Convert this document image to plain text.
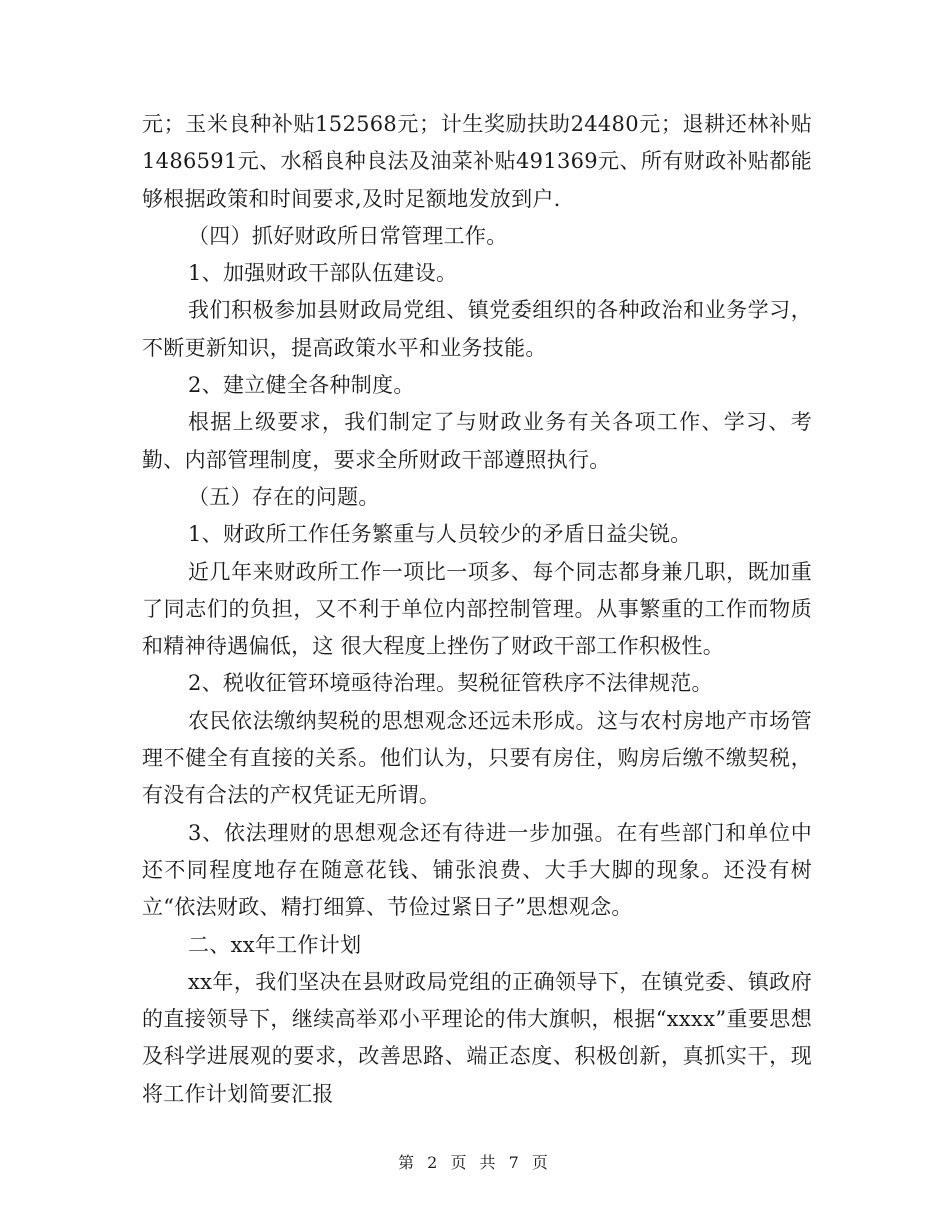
元；玉米良种补贴152568元；计生奖励扶助24480元；退耕还林补贴1486591元、水稻良种良法及油菜补贴491369元、所有财政补贴都能够根据政策和时间要求,及时足额地发放到户.

（四）抓好财政所日常管理工作。

1、加强财政干部队伍建设。

我们积极参加县财政局党组、镇党委组织的各种政治和业务学习，不断更新知识，提高政策水平和业务技能。

2、建立健全各种制度。

根据上级要求，我们制定了与财政业务有关各项工作、学习、考勤、内部管理制度，要求全所财政干部遵照执行。

（五）存在的问题。

1、财政所工作任务繁重与人员较少的矛盾日益尖锐。

近几年来财政所工作一项比一项多、每个同志都身兼几职，既加重了同志们的负担，又不利于单位内部控制管理。从事繁重的工作而物质和精神待遇偏低，这 很大程度上挫伤了财政干部工作积极性。

2、税收征管环境亟待治理。契税征管秩序不法律规范。

农民依法缴纳契税的思想观念还远未形成。这与农村房地产市场管理不健全有直接的关系。他们认为，只要有房住，购房后缴不缴契税，有没有合法的产权凭证无所谓。

3、依法理财的思想观念还有待进一步加强。在有些部门和单位中还不同程度地存在随意花钱、铺张浪费、大手大脚的现象。还没有树立“依法财政、精打细算、节俭过紧日子”思想观念。

二、xx年工作计划

xx年，我们坚决在县财政局党组的正确领导下，在镇党委、镇政府的直接领导下，继续高举邓小平理论的伟大旗帜，根据“xxxx”重要思想及科学进展观的要求，改善思路、端正态度、积极创新，真抓实干，现将工作计划简要汇报

第 2 页 共 7 页
